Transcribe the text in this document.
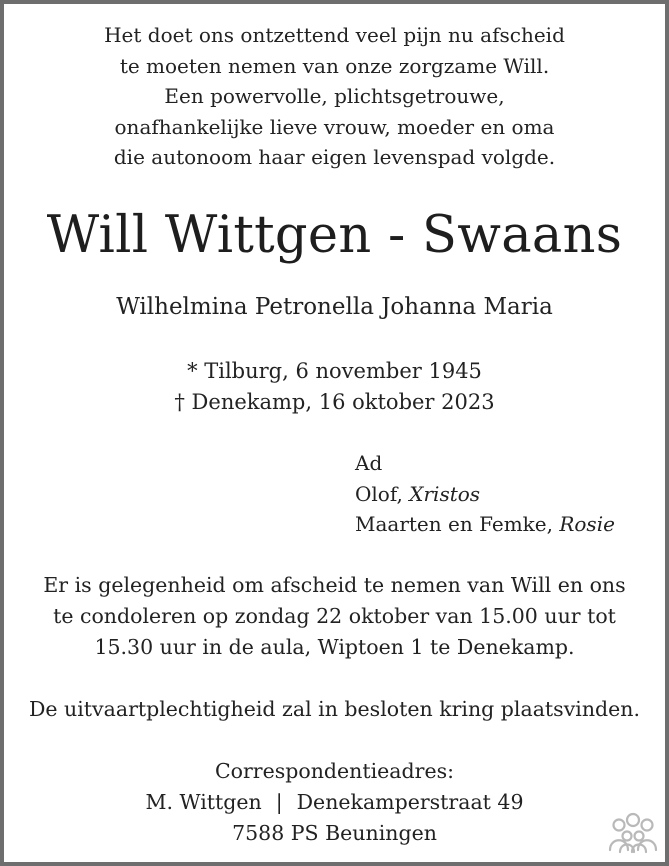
Het doet ons ontzettend veel pijn nu afscheid
te moeten nemen van onze zorgzame Will.
Een powervolle, plichtsgetrouwe,
onafhankelijke lieve vrouw, moeder en oma
die autonoom haar eigen levenspad volgde.
Will Wittgen - Swaans
Wilhelmina Petronella Johanna Maria
* Tilburg, 6 november 1945
† Denekamp, 16 oktober 2023
Ad
Olof, Xristos
Maarten en Femke, Rosie
Er is gelegenheid om afscheid te nemen van Will en ons
te condoleren op zondag 22 oktober van 15.00 uur tot
15.30 uur in de aula, Wiptoen 1 te Denekamp.
De uitvaartplechtigheid zal in besloten kring plaatsvinden.
Correspondentieadres:
M. Wittgen | Denekamperstraat 49
7588 PS Beuningen
